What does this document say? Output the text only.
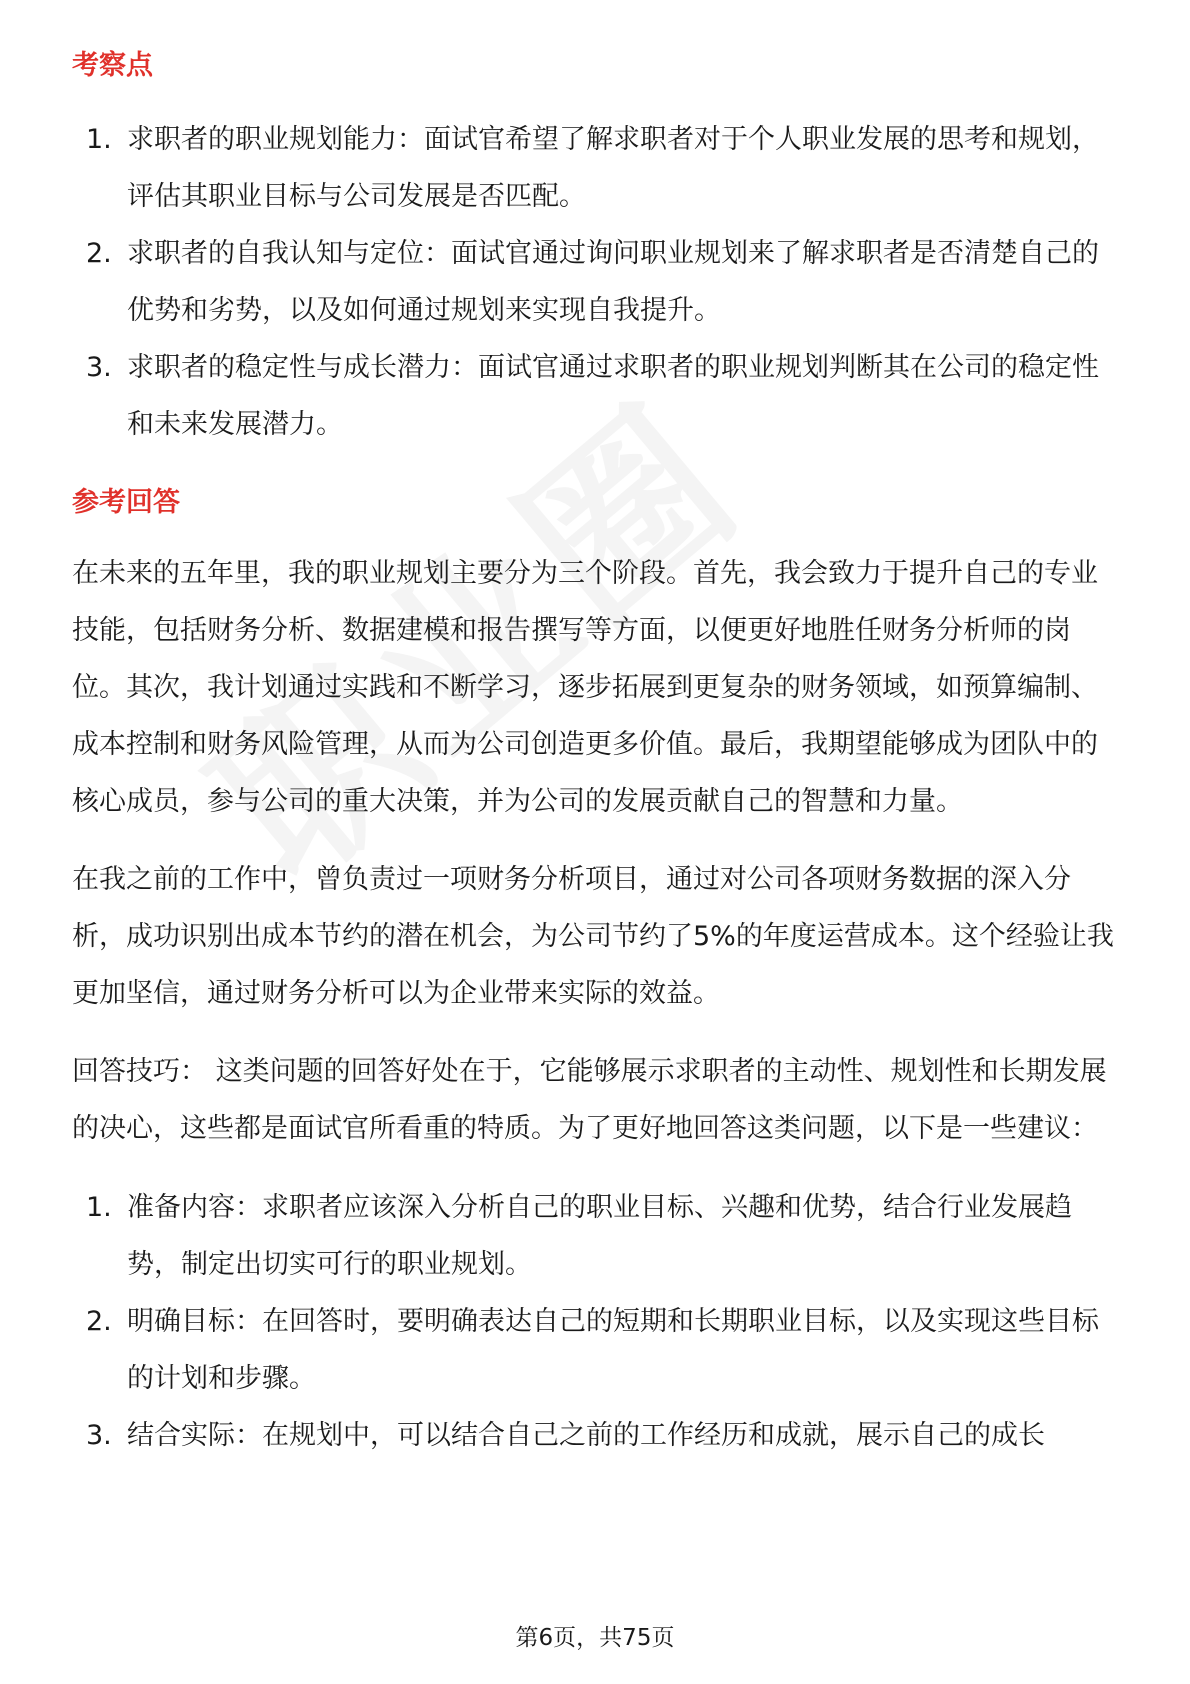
考察点
1. 求职者的职业规划能力：面试官希望了解求职者对于个人职业发展的思考和规划，评估其职业目标与公司发展是否匹配。
2. 求职者的自我认知与定位：面试官通过询问职业规划来了解求职者是否清楚自己的优势和劣势，以及如何通过规划来实现自我提升。
3. 求职者的稳定性与成长潜力：面试官通过求职者的职业规划判断其在公司的稳定性和未来发展潜力。
参考回答

在未来的五年里，我的职业规划主要分为三个阶段。首先，我会致力于提升自己的专业技能，包括财务分析、数据建模和报告撰写等方面，以便更好地胜任财务分析师的岗位。其次，我计划通过实践和不断学习，逐步拓展到更复杂的财务领域，如预算编制、成本控制和财务风险管理，从而为公司创造更多价值。最后，我期望能够成为团队中的核心成员，参与公司的重大决策，并为公司的发展贡献自己的智慧和力量。

在我之前的工作中，曾负责过一项财务分析项目，通过对公司各项财务数据的深入分析，成功识别出成本节约的潜在机会，为公司节约了5%的年度运营成本。这个经验让我更加坚信，通过财务分析可以为企业带来实际的效益。

回答技巧： 这类问题的回答好处在于，它能够展示求职者的主动性、规划性和长期发展的决心，这些都是面试官所看重的特质。为了更好地回答这类问题，以下是一些建议：

1. 准备内容：求职者应该深入分析自己的职业目标、兴趣和优势，结合行业发展趋势，制定出切实可行的职业规划。
2. 明确目标：在回答时，要明确表达自己的短期和长期职业目标，以及实现这些目标的计划和步骤。
3. 结合实际：在规划中，可以结合自己之前的工作经历和成就，展示自己的成长
第6页，共75页
